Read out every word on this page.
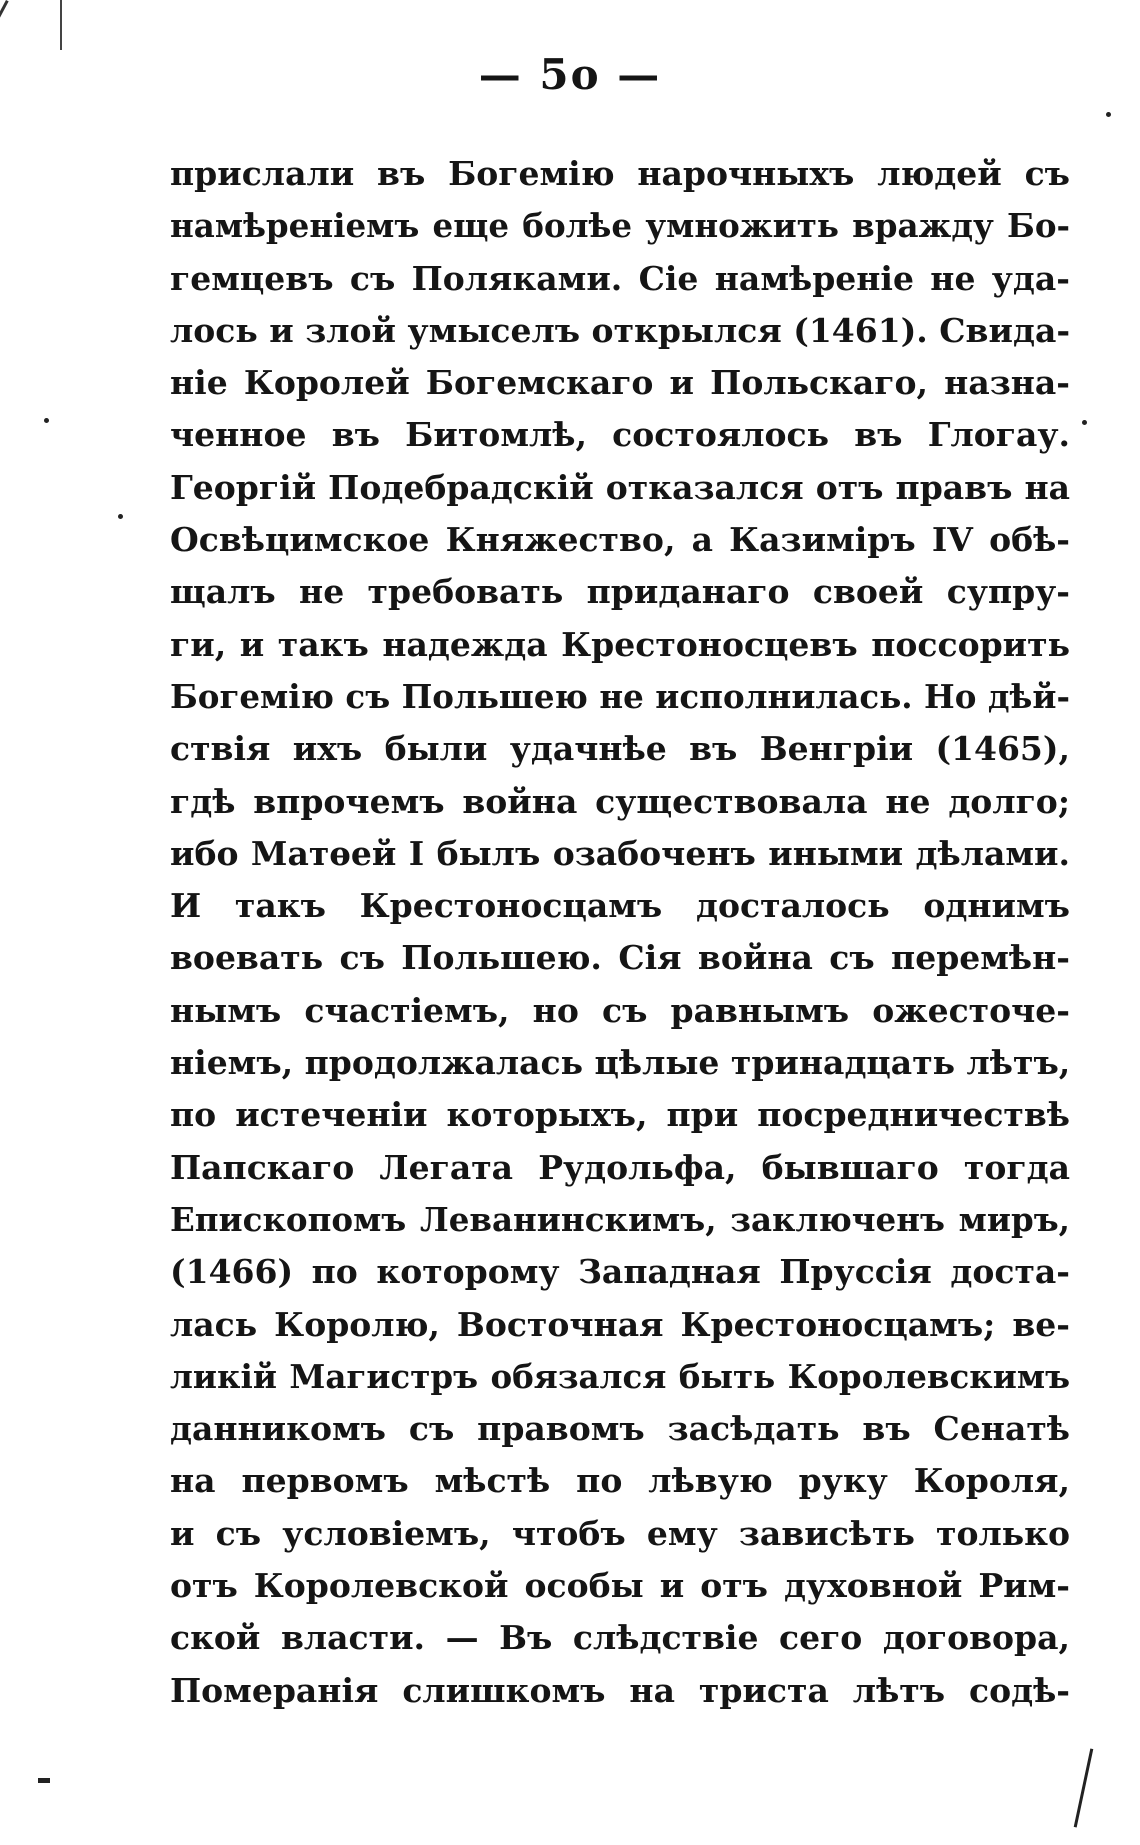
— 5o —
прислали въ Богемію нарочныхъ людей съ
намѣреніемъ еще болѣе умножить вражду Бо-
гемцевъ съ Поляками. Сіе намѣреніе не уда-
лось и злой умыселъ открылся (1461). Свида-
ніе Королей Богемскаго и Польскаго, назна-
ченное въ Битомлѣ, состоялось въ Глогау.
Георгій Подебрадскій отказался отъ правъ на
Освѣцимское Княжество, а Казиміръ IV обѣ-
щалъ не требовать приданаго своей супру-
ги, и такъ надежда Крестоносцевъ поссорить
Богемію съ Польшею не исполнилась. Но дѣй-
ствія ихъ были удачнѣе въ Венгріи (1465),
гдѣ впрочемъ война существовала не долго;
ибо Матѳей I былъ озабоченъ иными дѣлами.
И такъ Крестоносцамъ досталось однимъ
воевать съ Польшею. Сія война съ перемѣн-
нымъ счастіемъ, но съ равнымъ ожесточе-
ніемъ, продолжалась цѣлые тринадцать лѣтъ,
по истеченіи которыхъ, при посредничествѣ
Папскаго Легата Рудольфа, бывшаго тогда
Епископомъ Леванинскимъ, заключенъ миръ,
(1466) по которому Западная Пруссія доста-
лась Королю, Восточная Крестоносцамъ; ве-
ликій Магистръ обязался быть Королевскимъ
данникомъ съ правомъ засѣдать въ Сенатѣ
на первомъ мѣстѣ по лѣвую руку Короля,
и съ условіемъ, чтобъ ему зависѣть только
отъ Королевской особы и отъ духовной Рим-
ской власти. — Въ слѣдствіе сего договора,
Померанія слишкомъ на триста лѣтъ содѣ-
